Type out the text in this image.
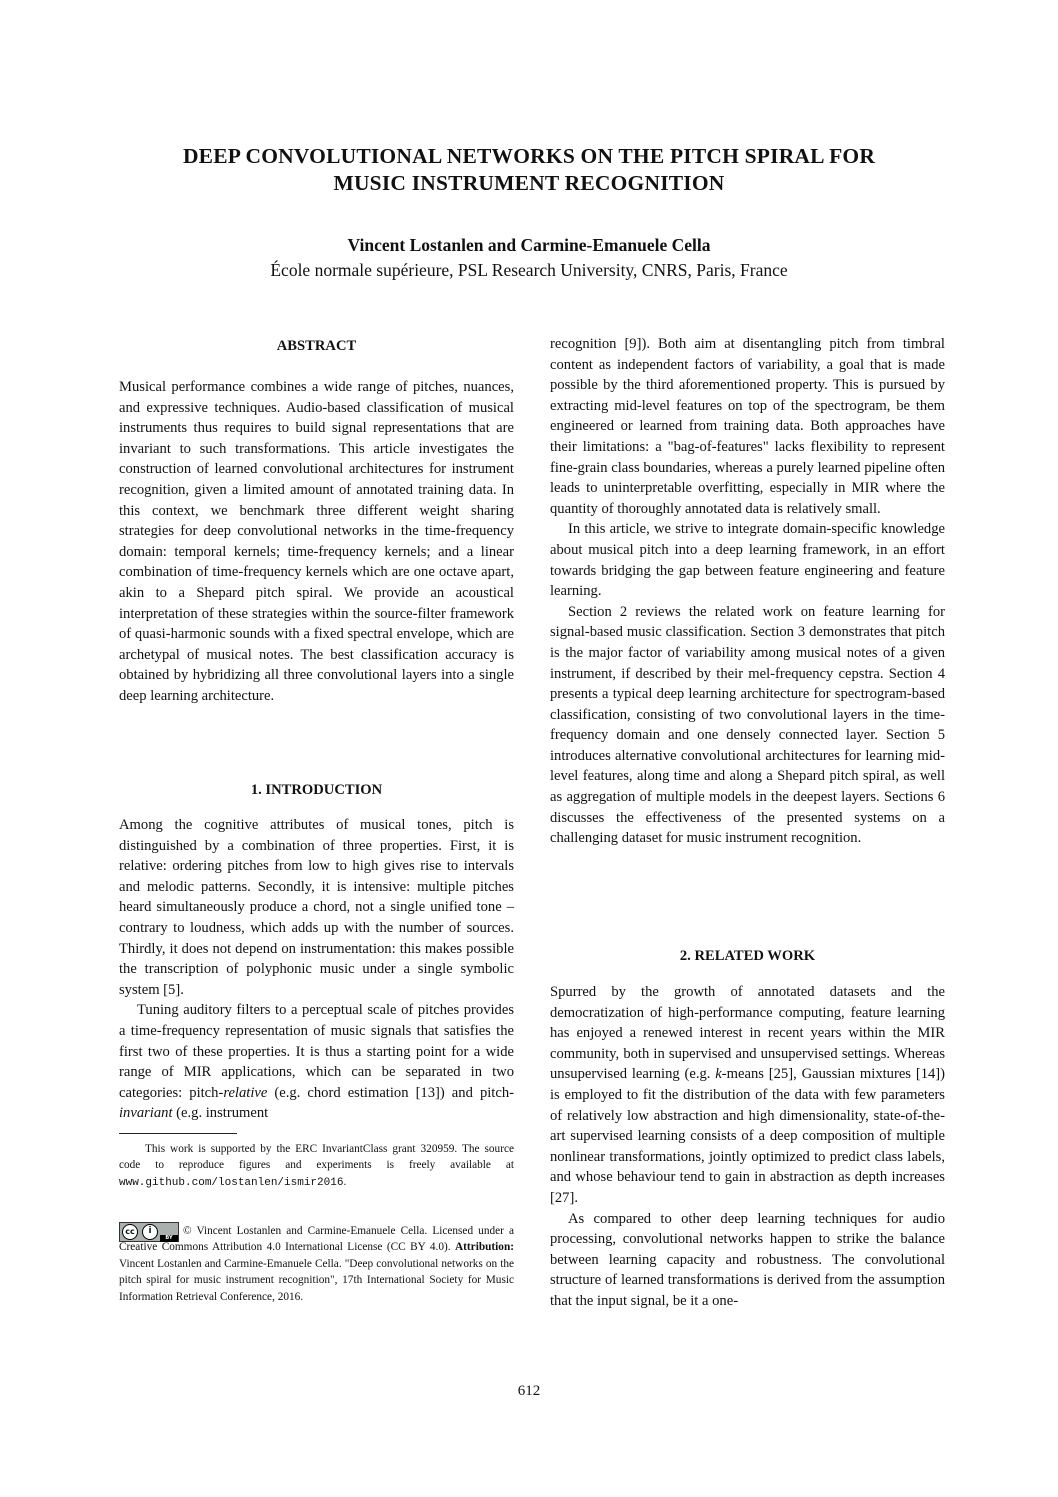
DEEP CONVOLUTIONAL NETWORKS ON THE PITCH SPIRAL FOR
MUSIC INSTRUMENT RECOGNITION
Vincent Lostanlen and Carmine-Emanuele Cella
École normale supérieure, PSL Research University, CNRS, Paris, France
ABSTRACT

Musical performance combines a wide range of pitches, nuances, and expressive techniques. Audio-based classification of musical instruments thus requires to build signal representations that are invariant to such transformations. This article investigates the construction of learned convolutional architectures for instrument recognition, given a limited amount of annotated training data. In this context, we benchmark three different weight sharing strategies for deep convolutional networks in the time-frequency domain: temporal kernels; time-frequency kernels; and a linear combination of time-frequency kernels which are one octave apart, akin to a Shepard pitch spiral. We provide an acoustical interpretation of these strategies within the source-filter framework of quasi-harmonic sounds with a fixed spectral envelope, which are archetypal of musical notes. The best classification accuracy is obtained by hybridizing all three convolutional layers into a single deep learning architecture.

1. INTRODUCTION

Among the cognitive attributes of musical tones, pitch is distinguished by a combination of three properties. First, it is relative: ordering pitches from low to high gives rise to intervals and melodic patterns. Secondly, it is intensive: multiple pitches heard simultaneously produce a chord, not a single unified tone – contrary to loudness, which adds up with the number of sources. Thirdly, it does not depend on instrumentation: this makes possible the transcription of polyphonic music under a single symbolic system [5].

Tuning auditory filters to a perceptual scale of pitches provides a time-frequency representation of music signals that satisfies the first two of these properties. It is thus a starting point for a wide range of MIR applications, which can be separated in two categories: pitch-relative (e.g. chord estimation [13]) and pitch-invariant (e.g. instrument

This work is supported by the ERC InvariantClass grant 320959. The source code to reproduce figures and experiments is freely available at www.github.com/lostanlen/ismir2016.
cc	i
BY
© Vincent Lostanlen and Carmine-Emanuele Cella. Licensed under a Creative Commons Attribution 4.0 International License (CC BY 4.0). Attribution: Vincent Lostanlen and Carmine-Emanuele Cella. "Deep convolutional networks on the pitch spiral for music instrument recognition", 17th International Society for Music Information Retrieval Conference, 2016.

recognition [9]). Both aim at disentangling pitch from timbral content as independent factors of variability, a goal that is made possible by the third aforementioned property. This is pursued by extracting mid-level features on top of the spectrogram, be them engineered or learned from training data. Both approaches have their limitations: a "bag-of-features" lacks flexibility to represent fine-grain class boundaries, whereas a purely learned pipeline often leads to uninterpretable overfitting, especially in MIR where the quantity of thoroughly annotated data is relatively small.

In this article, we strive to integrate domain-specific knowledge about musical pitch into a deep learning framework, in an effort towards bridging the gap between feature engineering and feature learning.

Section 2 reviews the related work on feature learning for signal-based music classification. Section 3 demonstrates that pitch is the major factor of variability among musical notes of a given instrument, if described by their mel-frequency cepstra. Section 4 presents a typical deep learning architecture for spectrogram-based classification, consisting of two convolutional layers in the time-frequency domain and one densely connected layer. Section 5 introduces alternative convolutional architectures for learning mid-level features, along time and along a Shepard pitch spiral, as well as aggregation of multiple models in the deepest layers. Sections 6 discusses the effectiveness of the presented systems on a challenging dataset for music instrument recognition.

2. RELATED WORK

Spurred by the growth of annotated datasets and the democratization of high-performance computing, feature learning has enjoyed a renewed interest in recent years within the MIR community, both in supervised and unsupervised settings. Whereas unsupervised learning (e.g. k-means [25], Gaussian mixtures [14]) is employed to fit the distribution of the data with few parameters of relatively low abstraction and high dimensionality, state-of-the-art supervised learning consists of a deep composition of multiple nonlinear transformations, jointly optimized to predict class labels, and whose behaviour tend to gain in abstraction as depth increases [27].

As compared to other deep learning techniques for audio processing, convolutional networks happen to strike the balance between learning capacity and robustness. The convolutional structure of learned transformations is derived from the assumption that the input signal, be it a one-

612
